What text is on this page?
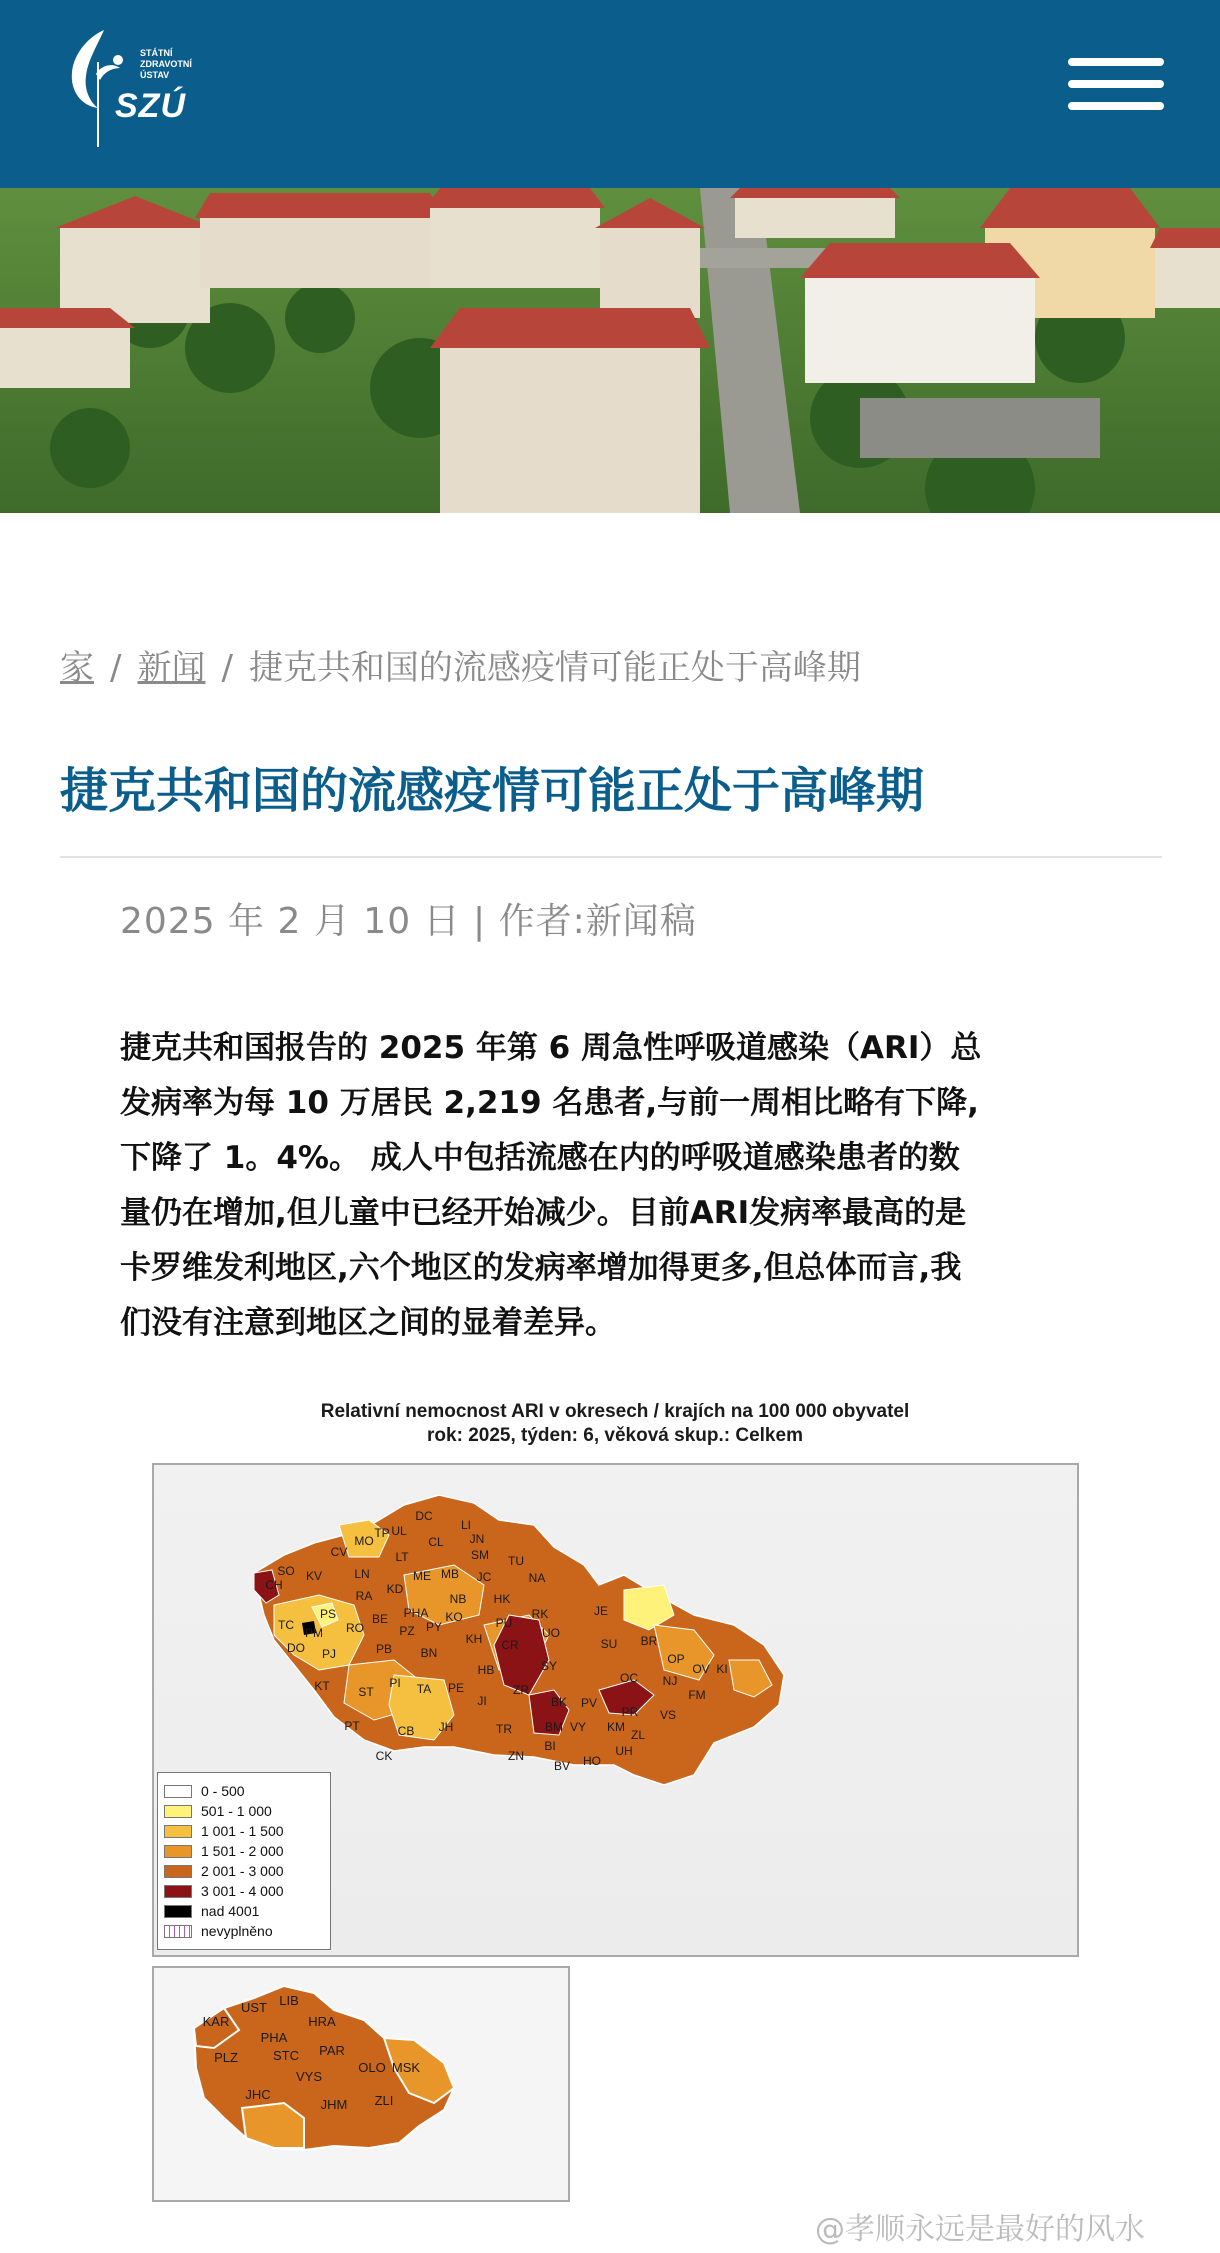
STÁTNÍ
ZDRAVOTNÍ
ÚSTAV
SZÚ
家 / 新闻 / 捷克共和国的流感疫情可能正处于高峰期
捷克共和国的流感疫情可能正处于高峰期
2025 年 2 月 10 日 | 作者:新闻稿
捷克共和国报告的 2025 年第 6 周急性呼吸道感染（ARI）总
发病率为每 10 万居民 2,219 名患者,与前一周相比略有下降,
下降了 1。4%。 成人中包括流感在内的呼吸道感染患者的数
量仍在增加,但儿童中已经开始减少。目前ARI发病率最高的是
卡罗维发利地区,六个地区的发病率增加得更多,但总体而言,我
们没有注意到地区之间的显着差异。
Relativní nemocnost ARI v okresech / krajích na 100 000 obyvatel
rok: 2025, týden: 6, věková skup.: Celkem
DC
LI
UL
MO
TP	JN
CV	LT
CL
SM TU
SO KV	LN	ME MB JC	NA
CH
RA KD
NB HK
PS	BE PHA KO	RK	JE
TC	RO	PZ PY
KH
PU
UO
BR
DO PJ	PB BN
CR	SU
OP
OV KI
KT
SY
OC NJ
ST
PI TA PE
HB
ZR
BK PV
FM
PT
JI
VS
CB JH	TR	VY KM
PR
CK	ZN
BM
BI
HO
UH
ZL
BV
PM
0 - 500
501 - 1 000
1 001 - 1 500
1 501 - 2 000
2 001 - 3 000
3 001 - 4 000
nad 4001
nevyplněno
LIB
UST
KAR	HRA
PHA
PLZ	STC PAR
OLO MSK
VYS
JHC
JHM ZLI
@孝顺永远是最好的风水
